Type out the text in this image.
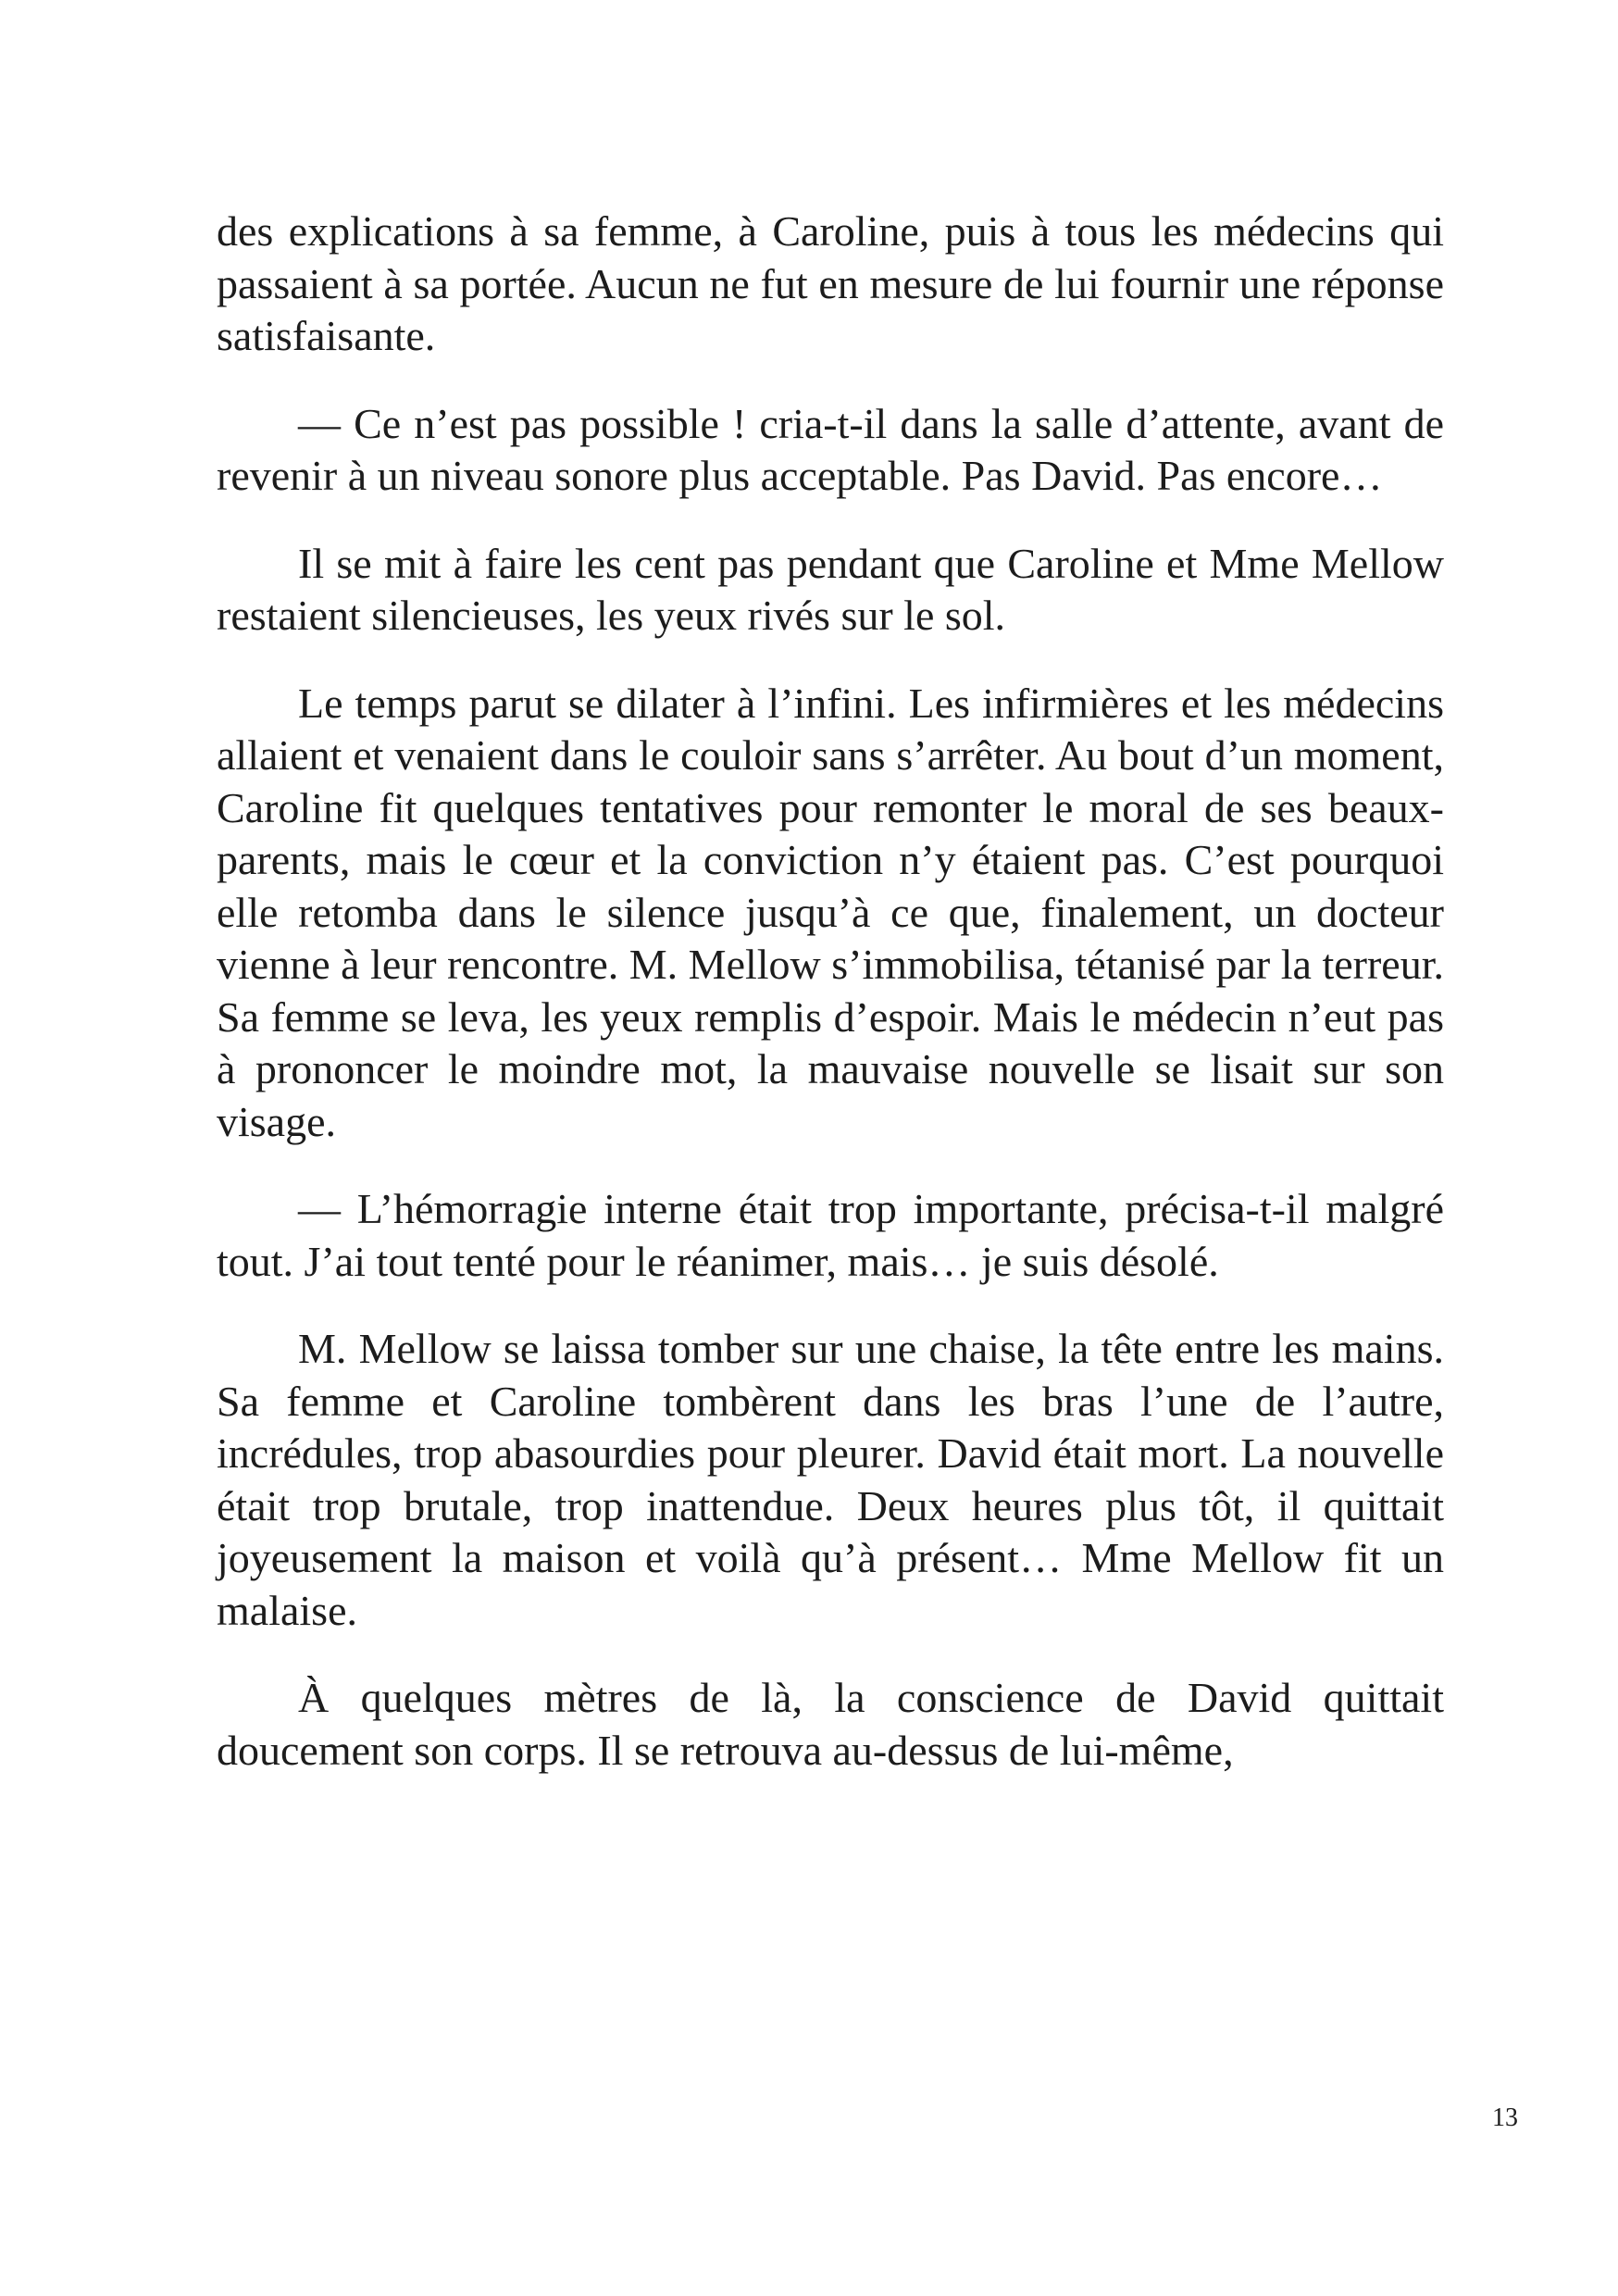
des explications à sa femme, à Caroline, puis à tous les médecins qui passaient à sa portée. Aucun ne fut en mesure de lui fournir une réponse satisfaisante.

— Ce n’est pas possible ! cria-t-il dans la salle d’attente, avant de revenir à un niveau sonore plus acceptable. Pas David. Pas encore…

Il se mit à faire les cent pas pendant que Caroline et Mme Mellow restaient silencieuses, les yeux rivés sur le sol.

Le temps parut se dilater à l’infini. Les infirmières et les médecins allaient et venaient dans le couloir sans s’arrêter. Au bout d’un moment, Caroline fit quelques tentatives pour remonter le moral de ses beaux-parents, mais le cœur et la conviction n’y étaient pas. C’est pourquoi elle retomba dans le silence jusqu’à ce que, finalement, un docteur vienne à leur rencontre. M. Mellow s’immobilisa, tétanisé par la terreur. Sa femme se leva, les yeux remplis d’espoir. Mais le médecin n’eut pas à prononcer le moindre mot, la mauvaise nouvelle se lisait sur son visage.

— L’hémorragie interne était trop importante, précisa-t-il malgré tout. J’ai tout tenté pour le réanimer, mais… je suis désolé.

M. Mellow se laissa tomber sur une chaise, la tête entre les mains. Sa femme et Caroline tombèrent dans les bras l’une de l’autre, incrédules, trop abasourdies pour pleurer. David était mort. La nouvelle était trop brutale, trop inattendue. Deux heures plus tôt, il quittait joyeusement la maison et voilà qu’à présent… Mme Mellow fit un malaise.

À quelques mètres de là, la conscience de David quittait doucement son corps. Il se retrouva au-dessus de lui-même,

13
